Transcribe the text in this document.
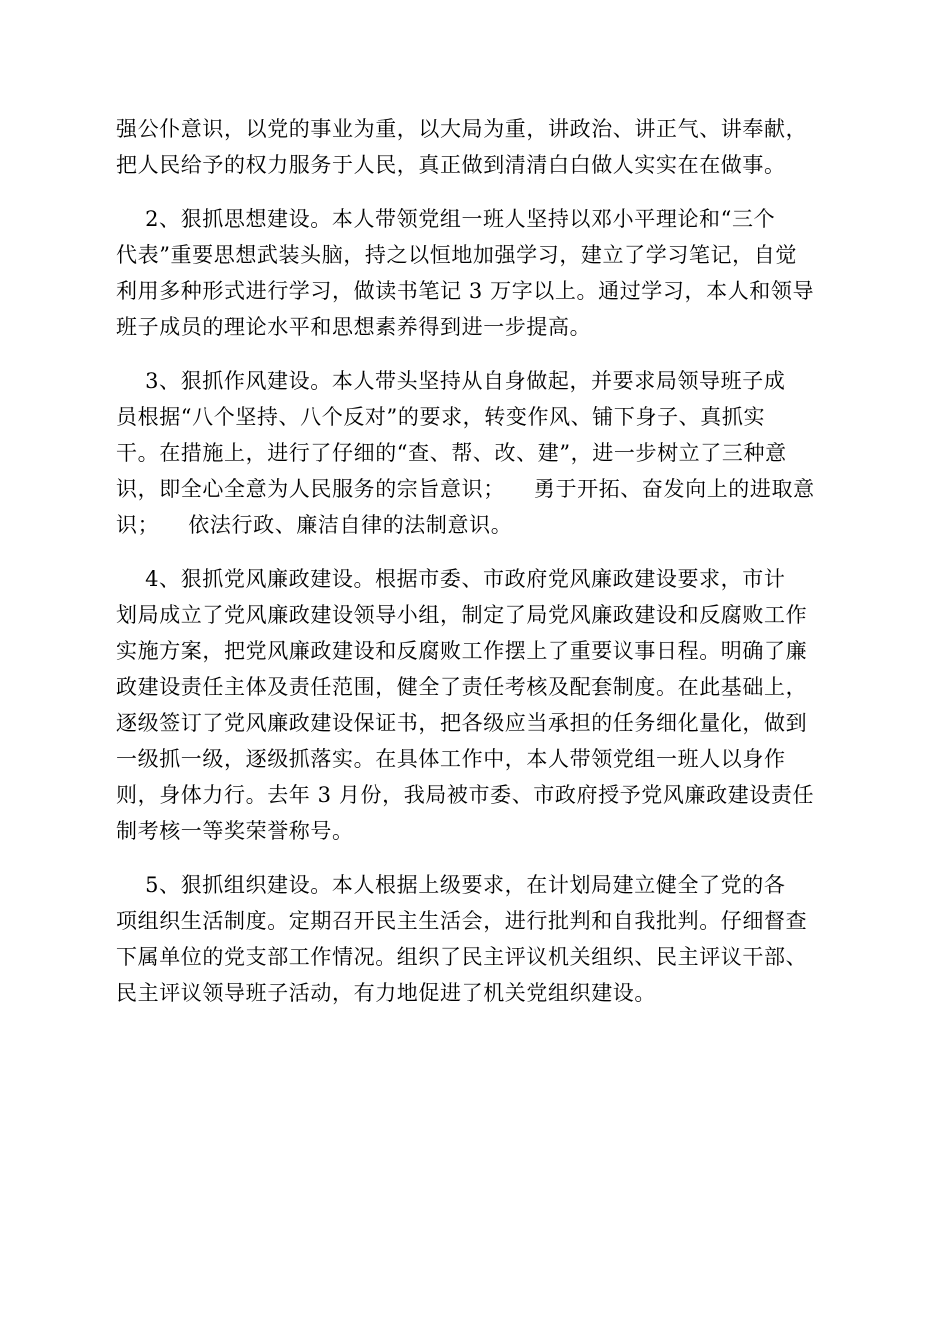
强公仆意识，以党的事业为重，以大局为重，讲政治、讲正气、讲奉献，
把人民给予的权力服务于人民，真正做到清清白白做人实实在在做事。
2、狠抓思想建设。本人带领党组一班人坚持以邓小平理论和“三个
代表”重要思想武装头脑，持之以恒地加强学习，建立了学习笔记，自觉
利用多种形式进行学习，做读书笔记 3 万字以上。通过学习，本人和领导
班子成员的理论水平和思想素养得到进一步提高。
3、狠抓作风建设。本人带头坚持从自身做起，并要求局领导班子成
员根据“八个坚持、八个反对”的要求，转变作风、铺下身子、真抓实
干。在措施上，进行了仔细的“查、帮、改、建”，进一步树立了三种意
识，即全心全意为人民服务的宗旨意识；    勇于开拓、奋发向上的进取意
识；    依法行政、廉洁自律的法制意识。
4、狠抓党风廉政建设。根据市委、市政府党风廉政建设要求，市计
划局成立了党风廉政建设领导小组，制定了局党风廉政建设和反腐败工作
实施方案，把党风廉政建设和反腐败工作摆上了重要议事日程。明确了廉
政建设责任主体及责任范围，健全了责任考核及配套制度。在此基础上，
逐级签订了党风廉政建设保证书，把各级应当承担的任务细化量化，做到
一级抓一级，逐级抓落实。在具体工作中，本人带领党组一班人以身作
则，身体力行。去年 3 月份，我局被市委、市政府授予党风廉政建设责任
制考核一等奖荣誉称号。
5、狠抓组织建设。本人根据上级要求，在计划局建立健全了党的各
项组织生活制度。定期召开民主生活会，进行批判和自我批判。仔细督查
下属单位的党支部工作情况。组织了民主评议机关组织、民主评议干部、
民主评议领导班子活动，有力地促进了机关党组织建设。
